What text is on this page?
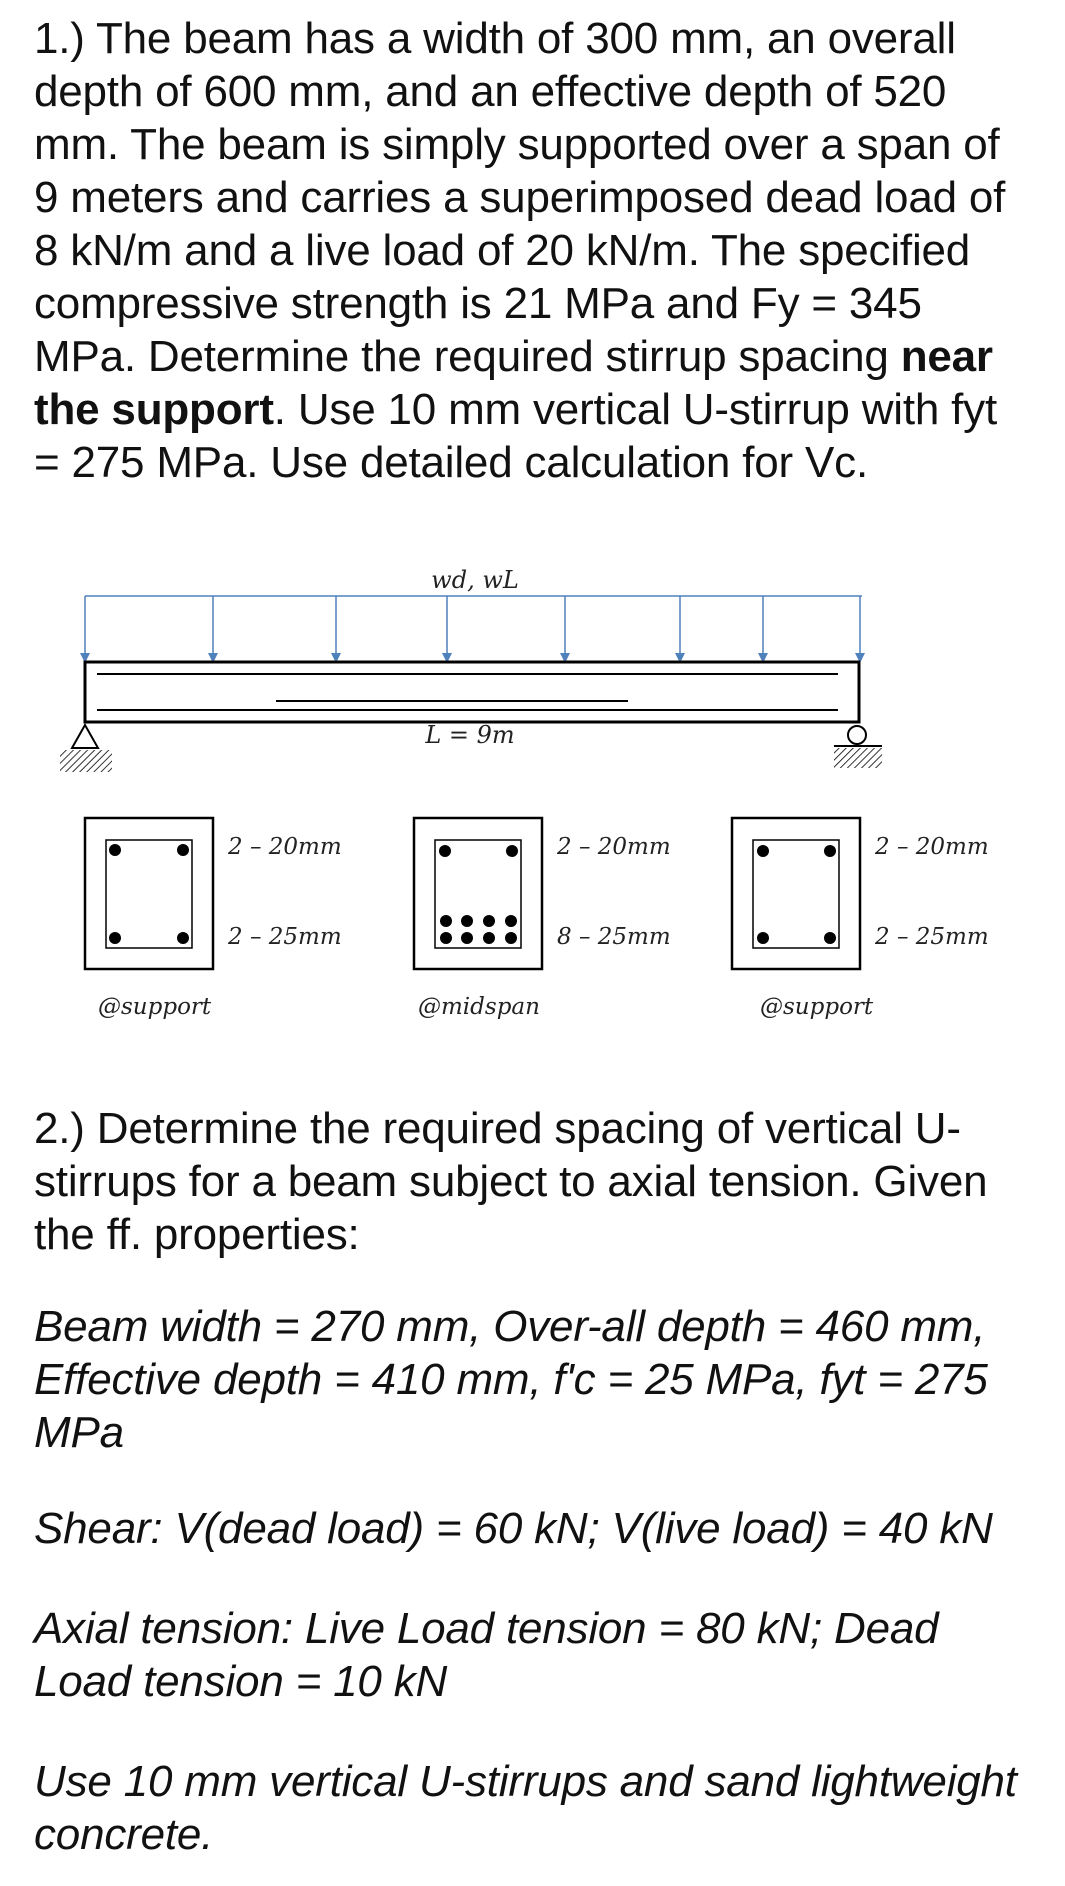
1.) The beam has a width of 300 mm, an overall depth of 600 mm, and an effective depth of 520 mm. The beam is simply supported over a span of 9 meters and carries a superimposed dead load of 8 kN/m and a live load of 20 kN/m. The specified compressive strength is 21 MPa and Fy = 345 MPa. Determine the required stirrup spacing near the support. Use 10 mm vertical U-stirrup with fyt = 275 MPa. Use detailed calculation for Vc.

wd, wL
L = 9m
2 – 20mm
2 – 25mm
@support
2 – 20mm
8 – 25mm
@midspan
2 – 20mm
2 – 25mm
@support

2.) Determine the required spacing of vertical U-stirrups for a beam subject to axial tension. Given the ff. properties:

Beam width = 270 mm, Over-all depth = 460 mm, Effective depth = 410 mm, f'c = 25 MPa, fyt = 275 MPa

Shear: V(dead load) = 60 kN; V(live load) = 40 kN

Axial tension: Live Load tension = 80 kN; Dead Load tension = 10 kN

Use 10 mm vertical U-stirrups and sand lightweight concrete.
